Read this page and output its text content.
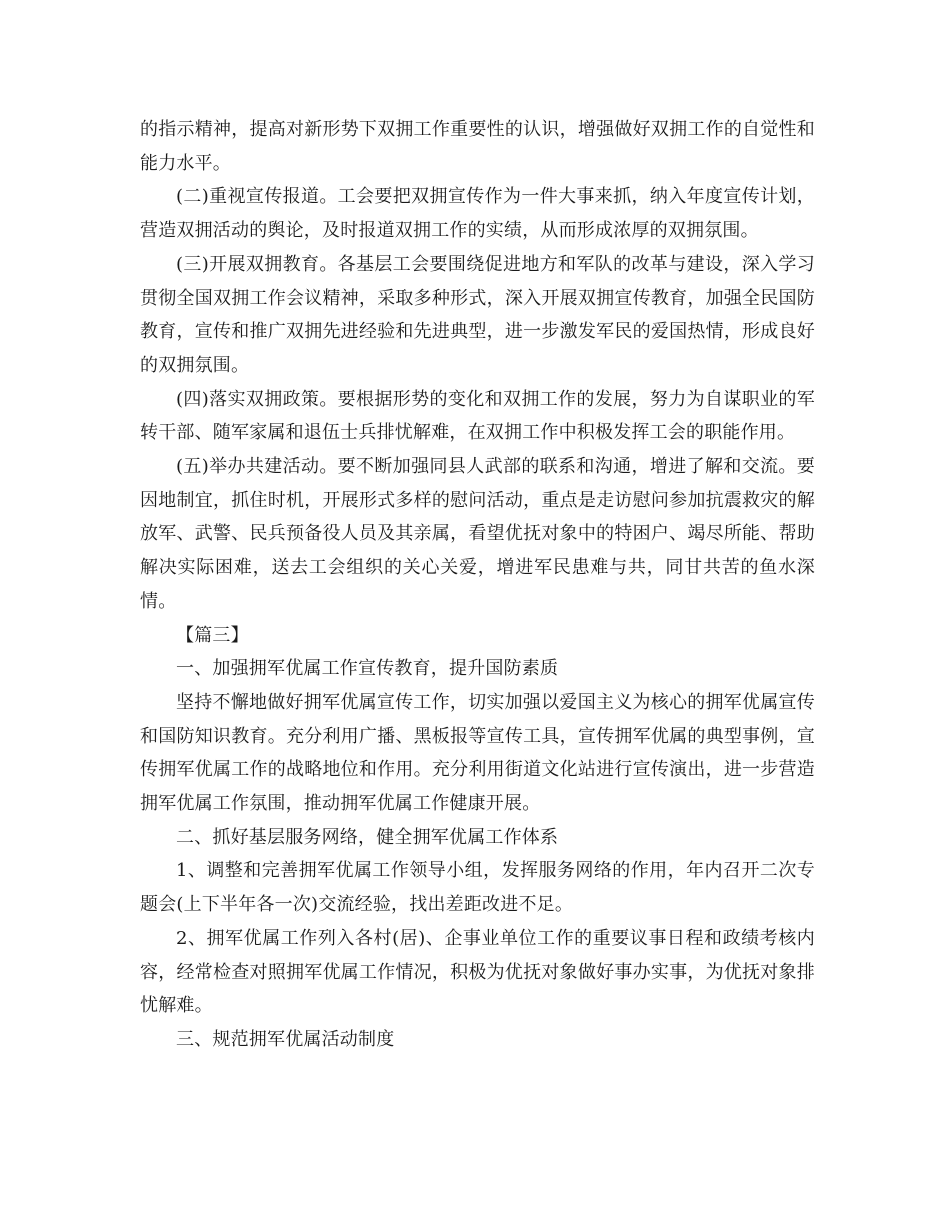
的指示精神，提高对新形势下双拥工作重要性的认识，增强做好双拥工作的自觉性和能力水平。

(二)重视宣传报道。工会要把双拥宣传作为一件大事来抓，纳入年度宣传计划，营造双拥活动的舆论，及时报道双拥工作的实绩，从而形成浓厚的双拥氛围。

(三)开展双拥教育。各基层工会要围绕促进地方和军队的改革与建设，深入学习贯彻全国双拥工作会议精神，采取多种形式，深入开展双拥宣传教育，加强全民国防教育，宣传和推广双拥先进经验和先进典型，进一步激发军民的爱国热情，形成良好的双拥氛围。

(四)落实双拥政策。要根据形势的变化和双拥工作的发展，努力为自谋职业的军转干部、随军家属和退伍士兵排忧解难，在双拥工作中积极发挥工会的职能作用。

(五)举办共建活动。要不断加强同县人武部的联系和沟通，增进了解和交流。要因地制宜，抓住时机，开展形式多样的慰问活动，重点是走访慰问参加抗震救灾的解放军、武警、民兵预备役人员及其亲属，看望优抚对象中的特困户、竭尽所能、帮助解决实际困难，送去工会组织的关心关爱，增进军民患难与共，同甘共苦的鱼水深情。

【篇三】

一、加强拥军优属工作宣传教育，提升国防素质

坚持不懈地做好拥军优属宣传工作，切实加强以爱国主义为核心的拥军优属宣传和国防知识教育。充分利用广播、黑板报等宣传工具，宣传拥军优属的典型事例，宣传拥军优属工作的战略地位和作用。充分利用街道文化站进行宣传演出，进一步营造拥军优属工作氛围，推动拥军优属工作健康开展。

二、抓好基层服务网络，健全拥军优属工作体系

1、调整和完善拥军优属工作领导小组，发挥服务网络的作用，年内召开二次专题会(上下半年各一次)交流经验，找出差距改进不足。

2、拥军优属工作列入各村(居)、企事业单位工作的重要议事日程和政绩考核内容，经常检查对照拥军优属工作情况，积极为优抚对象做好事办实事，为优抚对象排忧解难。

三、规范拥军优属活动制度
